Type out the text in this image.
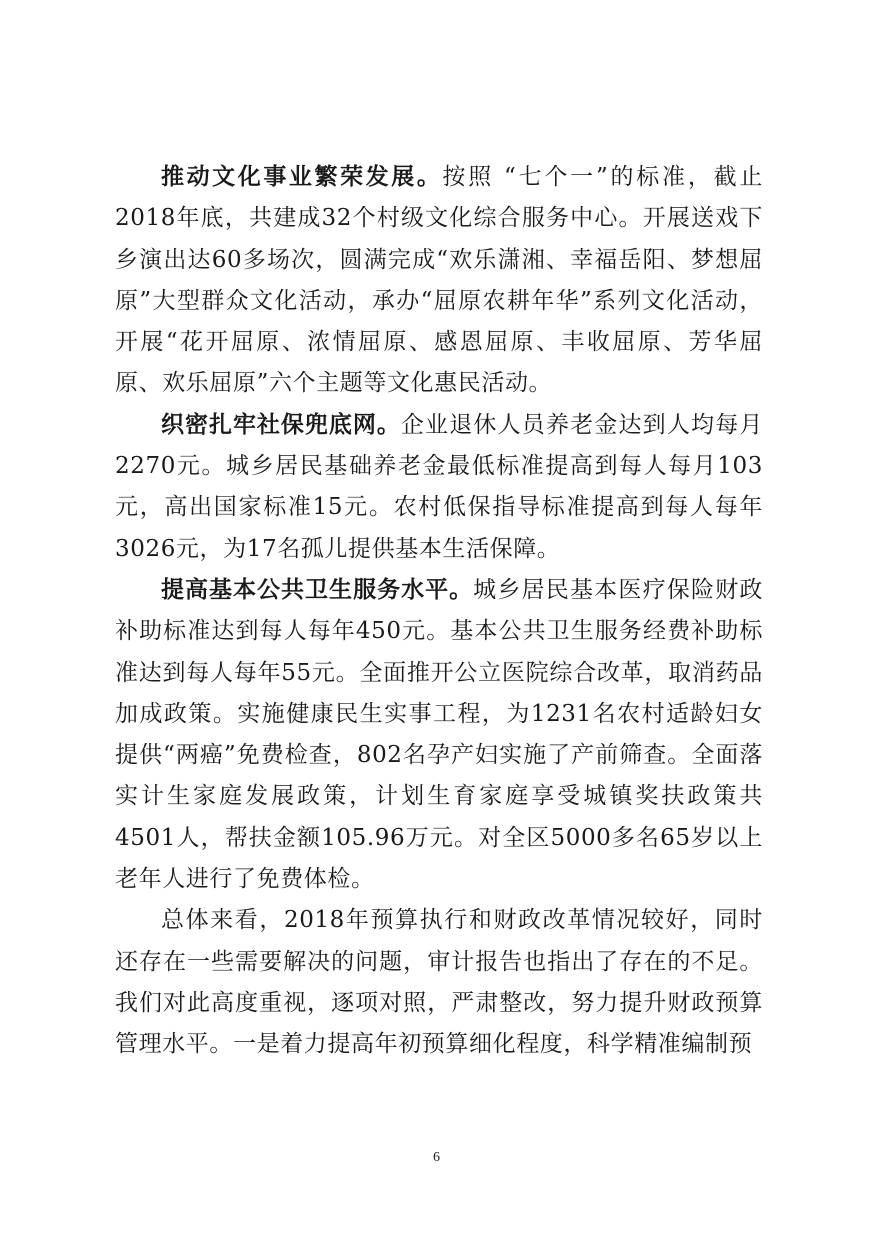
推动文化事业繁荣发展。按照 “七个一”的标准，截止2018年底，共建成32个村级文化综合服务中心。开展送戏下乡演出达60多场次，圆满完成“欢乐潇湘、幸福岳阳、梦想屈原”大型群众文化活动，承办“屈原农耕年华”系列文化活动，开展“花开屈原、浓情屈原、感恩屈原、丰收屈原、芳华屈原、欢乐屈原”六个主题等文化惠民活动。

织密扎牢社保兜底网。企业退休人员养老金达到人均每月2270元。城乡居民基础养老金最低标准提高到每人每月103元，高出国家标准15元。农村低保指导标准提高到每人每年3026元，为17名孤儿提供基本生活保障。

提高基本公共卫生服务水平。城乡居民基本医疗保险财政补助标准达到每人每年450元。基本公共卫生服务经费补助标准达到每人每年55元。全面推开公立医院综合改革，取消药品加成政策。实施健康民生实事工程，为1231名农村适龄妇女提供“两癌”免费检查，802名孕产妇实施了产前筛查。全面落实计生家庭发展政策，计划生育家庭享受城镇奖扶政策共4501人，帮扶金额105.96万元。对全区5000多名65岁以上老年人进行了免费体检。

总体来看，2018年预算执行和财政改革情况较好，同时还存在一些需要解决的问题，审计报告也指出了存在的不足。我们对此高度重视，逐项对照，严肃整改，努力提升财政预算管理水平。一是着力提高年初预算细化程度，科学精准编制预

6
